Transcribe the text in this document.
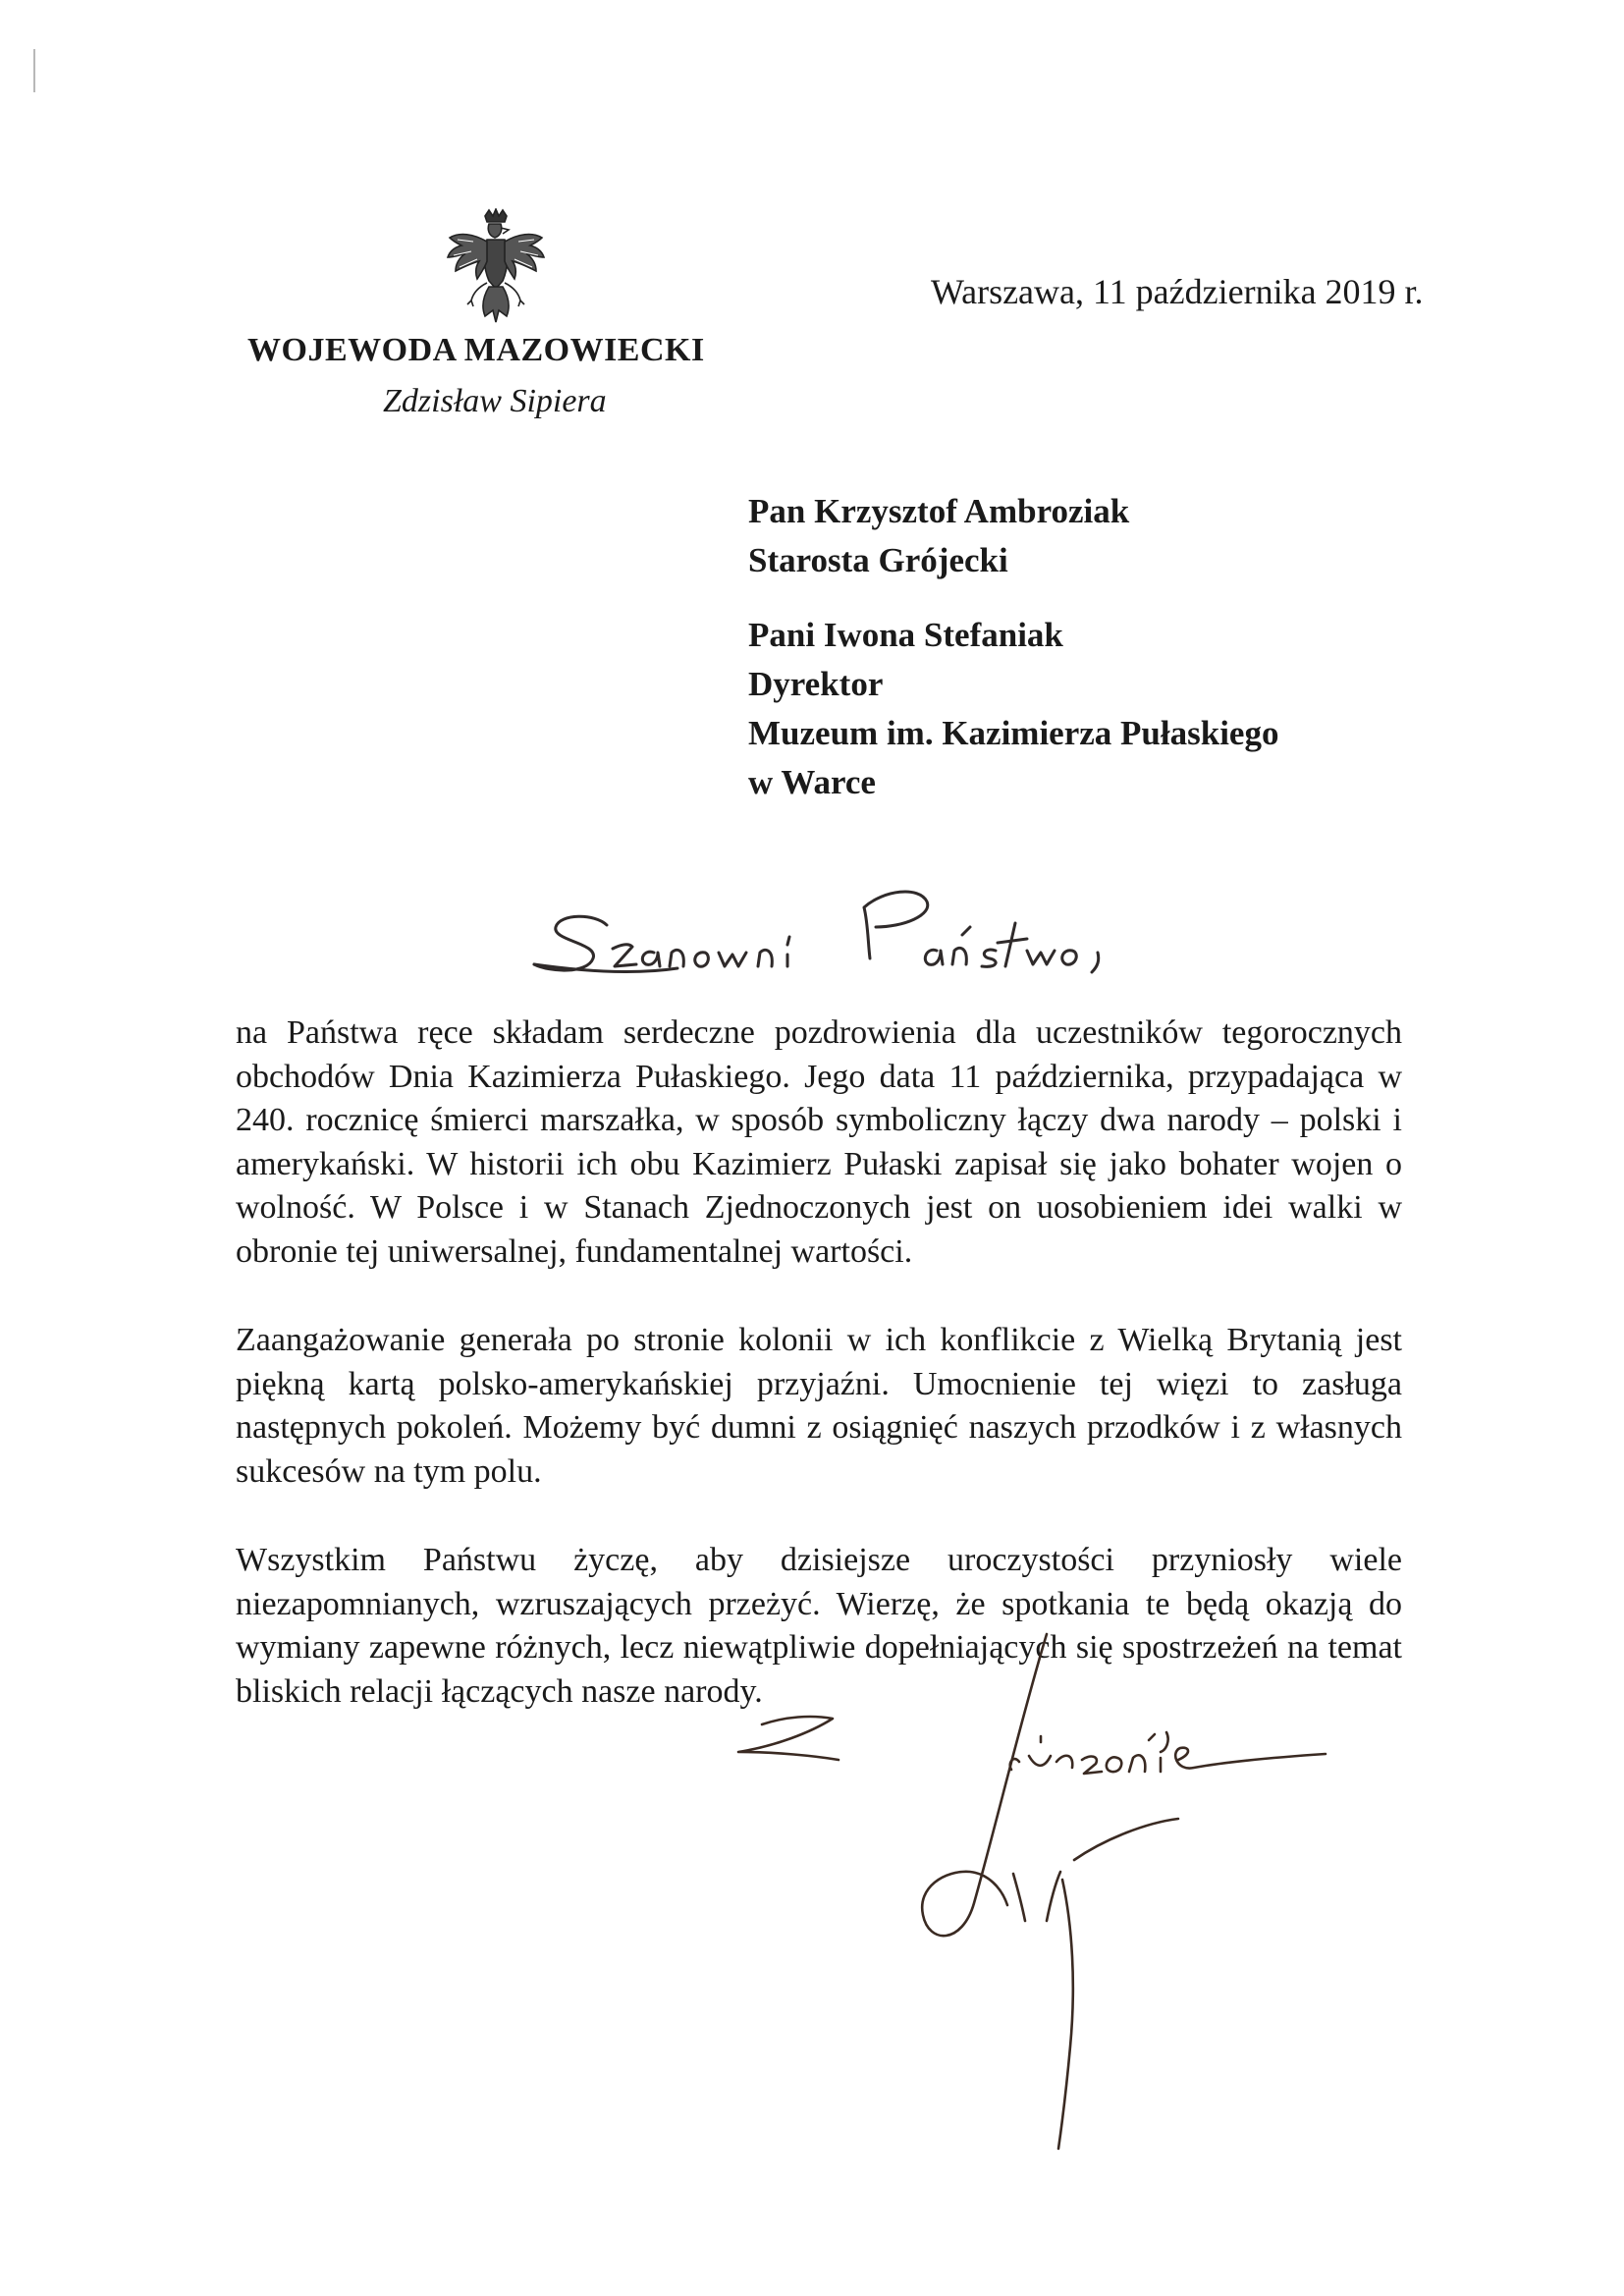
Warszawa, 11 października 2019 r.
WOJEWODA MAZOWIECKI
Zdzisław Sipiera
Pan Krzysztof Ambroziak
Starosta Grójecki
Pani Iwona Stefaniak
Dyrektor
Muzeum im. Kazimierza Pułaskiego
w Warce

na Państwa ręce składam serdeczne pozdrowienia dla uczestników tegorocznych obchodów Dnia Kazimierza Pułaskiego. Jego data 11 października, przypadająca w 240. rocznicę śmierci marszałka, w sposób symboliczny łączy dwa narody – polski i amerykański. W historii ich obu Kazimierz Pułaski zapisał się jako bohater wojen o wolność. W Polsce i w Stanach Zjednoczonych jest on uosobieniem idei walki w obronie tej uniwersalnej, fundamentalnej wartości.

Zaangażowanie generała po stronie kolonii w ich konflikcie z Wielką Brytanią jest piękną kartą polsko-amerykańskiej przyjaźni. Umocnienie tej więzi to zasługa następnych pokoleń. Możemy być dumni z osiągnięć naszych przodków i z własnych sukcesów na tym polu.

Wszystkim Państwu życzę, aby dzisiejsze uroczystości przyniosły wiele niezapomnianych, wzruszających przeżyć. Wierzę, że spotkania te będą okazją do wymiany zapewne różnych, lecz niewątpliwie dopełniających się spostrzeżeń na temat bliskich relacji łączących nasze narody.
